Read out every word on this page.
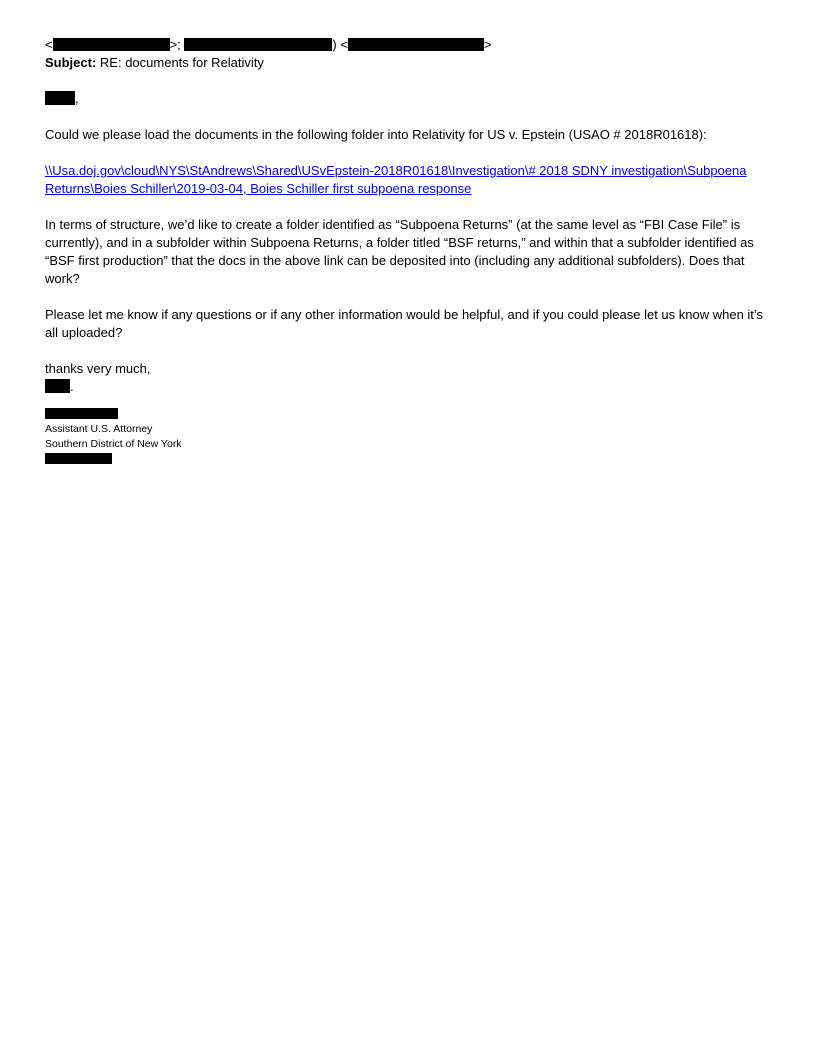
<	>;	) <	>
Subject: RE: documents for Relativity
,

Could we please load the documents in the following folder into Relativity for US v. Epstein (USAO # 2018R01618):

\\Usa.doj.gov\cloud\NYS\StAndrews\Shared\USvEpstein-2018R01618\Investigation\# 2018 SDNY investigation\Subpoena Returns\Boies Schiller\2019-03-04, Boies Schiller first subpoena response

In terms of structure, we’d like to create a folder identified as “Subpoena Returns” (at the same level as “FBI Case File” is currently), and in a subfolder within Subpoena Returns, a folder titled “BSF returns,” and within that a subfolder identified as “BSF first production” that the docs in the above link can be deposited into (including any additional subfolders). Does that work?

Please let me know if any questions or if any other information would be helpful, and if you could please let us know when it’s all uploaded?

thanks very much,
.
Assistant U.S. Attorney
Southern District of New York
